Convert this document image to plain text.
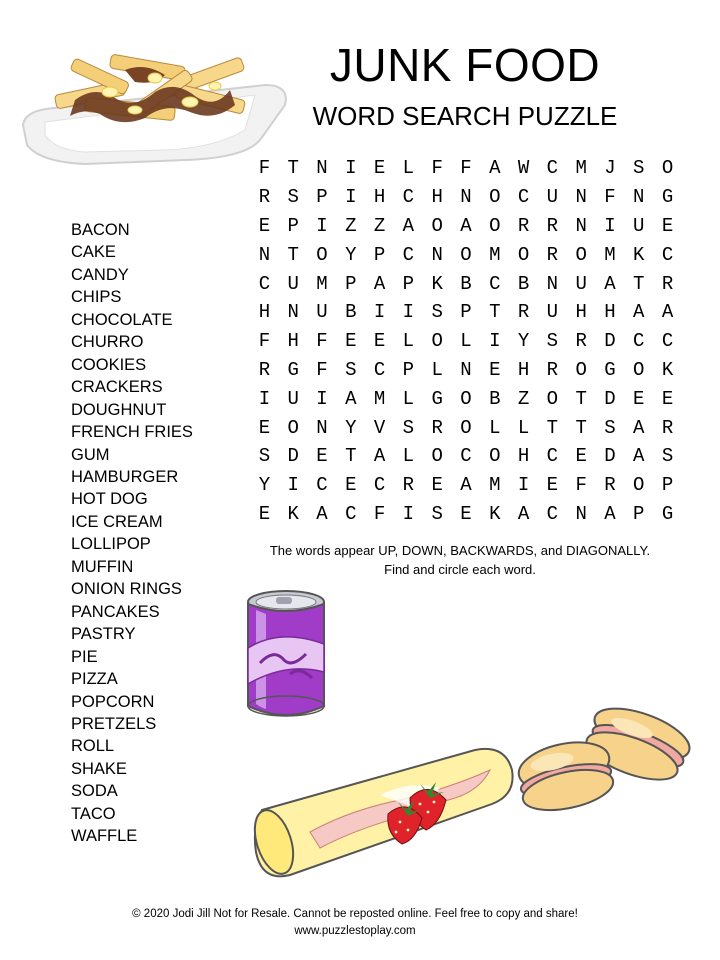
JUNK FOOD
WORD SEARCH PUZZLE
BACON
CAKE
CANDY
CHIPS
CHOCOLATE
CHURRO
COOKIES
CRACKERS
DOUGHNUT
FRENCH FRIES
GUM
HAMBURGER
HOT DOG
ICE CREAM
LOLLIPOP
MUFFIN
ONION RINGS
PANCAKES
PASTRY
PIE
PIZZA
POPCORN
PRETZELS
ROLL
SHAKE
SODA
TACO
WAFFLE
F T N I E L F F A W C M J S O
R S P I H C H N O C U N F N G
E P I Z Z A O A O R R N I U E
N T O Y P C N O M O R O M K C
C U M P A P K B C B N U A T R
H N U B I I S P T R U H H A A
F H F E E L O L I Y S R D C C
R G F S C P L N E H R O G O K
I U I A M L G O B Z O T D E E
E O N Y V S R O L L T T S A R
S D E T A L O C O H C E D A S
Y I C E C R E A M I E F R O P
E K A C F I S E K A C N A P G
The words appear UP, DOWN, BACKWARDS, and DIAGONALLY.
Find and circle each word.
© 2020 Jodi Jill Not for Resale. Cannot be reposted online. Feel free to copy and share!
www.puzzlestoplay.com
